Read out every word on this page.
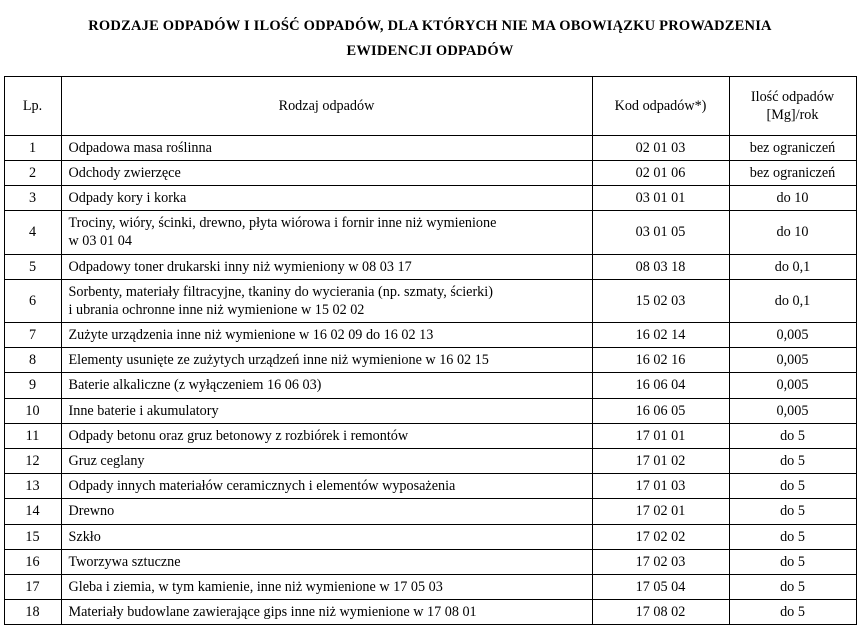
RODZAJE ODPADÓW I ILOŚĆ ODPADÓW, DLA KTÓRYCH NIE MA OBOWIĄZKU PROWADZENIA
EWIDENCJI ODPADÓW
Lp.	Rodzaj odpadów	Kod odpadów*)	Ilość odpadów
[Mg]/rok

1	Odpadowa masa roślinna	02 01 03	bez ograniczeń
2	Odchody zwierzęce	02 01 06	bez ograniczeń
3	Odpady kory i korka	03 01 01	do 10
4	Trociny, wióry, ścinki, drewno, płyta wiórowa i fornir inne niż wymienione
w 03 01 04	03 01 05	do 10
5	Odpadowy toner drukarski inny niż wymieniony w 08 03 17	08 03 18	do 0,1
6	Sorbenty, materiały filtracyjne, tkaniny do wycierania (np. szmaty, ścierki)
i ubrania ochronne inne niż wymienione w 15 02 02	15 02 03	do 0,1
7	Zużyte urządzenia inne niż wymienione w 16 02 09 do 16 02 13	16 02 14	0,005
8	Elementy usunięte ze zużytych urządzeń inne niż wymienione w 16 02 15	16 02 16	0,005
9	Baterie alkaliczne (z wyłączeniem 16 06 03)	16 06 04	0,005
10	Inne baterie i akumulatory	16 06 05	0,005
11	Odpady betonu oraz gruz betonowy z rozbiórek i remontów	17 01 01	do 5
12	Gruz ceglany	17 01 02	do 5
13	Odpady innych materiałów ceramicznych i elementów wyposażenia	17 01 03	do 5
14	Drewno	17 02 01	do 5
15	Szkło	17 02 02	do 5
16	Tworzywa sztuczne	17 02 03	do 5
17	Gleba i ziemia, w tym kamienie, inne niż wymienione w 17 05 03	17 05 04	do 5
18	Materiały budowlane zawierające gips inne niż wymienione w 17 08 01	17 08 02	do 5
